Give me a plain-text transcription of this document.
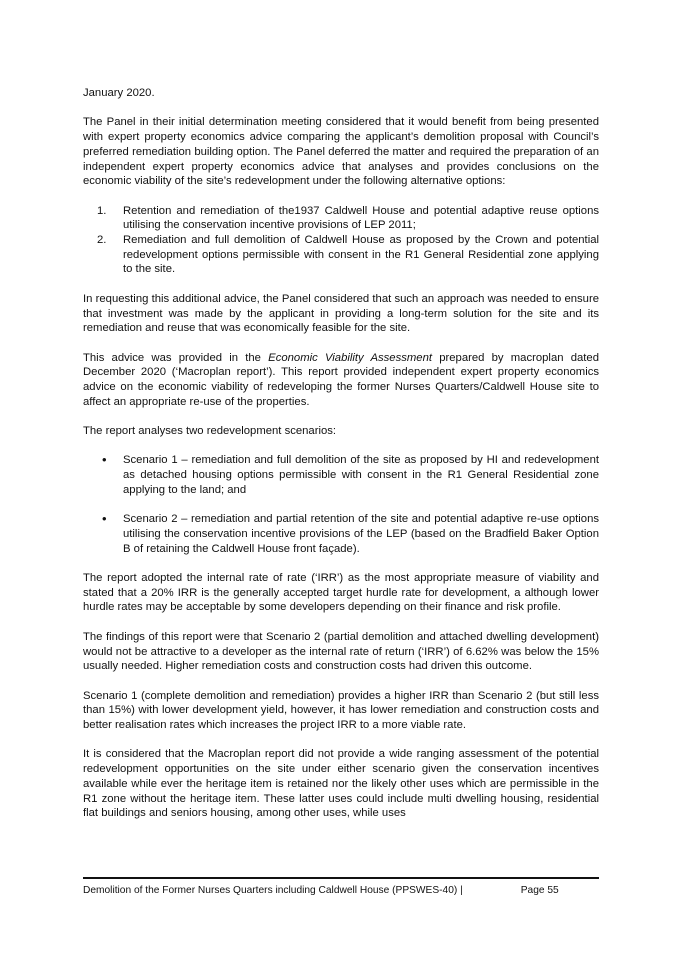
January 2020.

The Panel in their initial determination meeting considered that it would benefit from being presented with expert property economics advice comparing the applicant’s demolition proposal with Council’s preferred remediation building option. The Panel deferred the matter and required the preparation of an independent expert property economics advice that analyses and provides conclusions on the economic viability of the site’s redevelopment under the following alternative options:

1.	Retention and remediation of the1937 Caldwell House and potential adaptive reuse options utilising the conservation incentive provisions of LEP 2011;
2.	Remediation and full demolition of Caldwell House as proposed by the Crown and potential redevelopment options permissible with consent in the R1 General Residential zone applying to the site.

In requesting this additional advice, the Panel considered that such an approach was needed to ensure that investment was made by the applicant in providing a long-term solution for the site and its remediation and reuse that was economically feasible for the site.

This advice was provided in the Economic Viability Assessment prepared by macroplan dated December 2020 (‘Macroplan report’). This report provided independent expert property economics advice on the economic viability of redeveloping the former Nurses Quarters/Caldwell House site to affect an appropriate re-use of the properties.

The report analyses two redevelopment scenarios:

•	Scenario 1 – remediation and full demolition of the site as proposed by HI and redevelopment as detached housing options permissible with consent in the R1 General Residential zone applying to the land; and
•	Scenario 2 – remediation and partial retention of the site and potential adaptive re-use options utilising the conservation incentive provisions of the LEP (based on the Bradfield Baker Option B of retaining the Caldwell House front façade).

The report adopted the internal rate of rate (‘IRR’) as the most appropriate measure of viability and stated that a 20% IRR is the generally accepted target hurdle rate for development, a although lower hurdle rates may be acceptable by some developers depending on their finance and risk profile.

The findings of this report were that Scenario 2 (partial demolition and attached dwelling development) would not be attractive to a developer as the internal rate of return (‘IRR’) of 6.62% was below the 15% usually needed. Higher remediation costs and construction costs had driven this outcome.

Scenario 1 (complete demolition and remediation) provides a higher IRR than Scenario 2 (but still less than 15%) with lower development yield, however, it has lower remediation and construction costs and better realisation rates which increases the project IRR to a more viable rate.

It is considered that the Macroplan report did not provide a wide ranging assessment of the potential redevelopment opportunities on the site under either scenario given the conservation incentives available while ever the heritage item is retained nor the likely other uses which are permissible in the R1 zone without the heritage item. These latter uses could include multi dwelling housing, residential flat buildings and seniors housing, among other uses, while uses

Demolition of the Former Nurses Quarters including Caldwell House (PPSWES-40) |	Page 55
